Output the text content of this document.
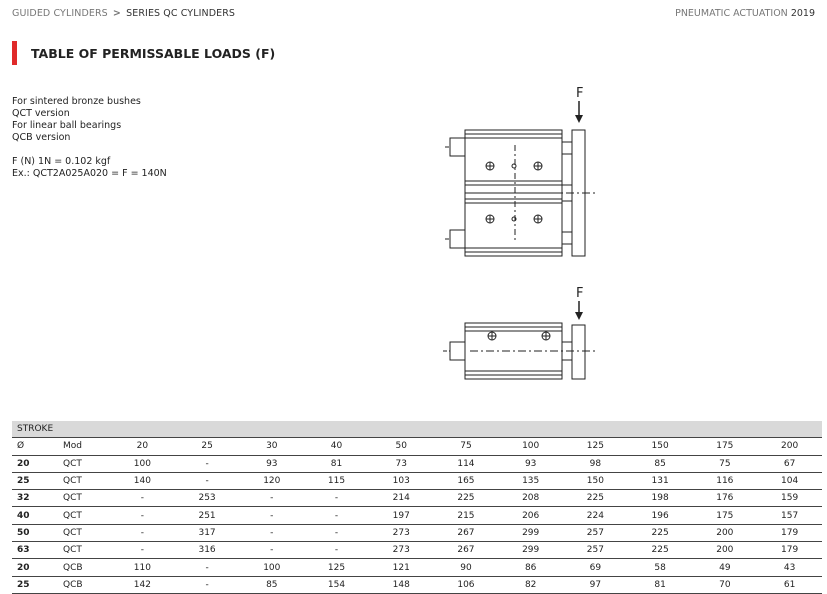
GUIDED CYLINDERS > SERIES QC CYLINDERS	PNEUMATIC ACTUATION 2019
TABLE OF PERMISSABLE LOADS (F)
For sintered bronze bushes
QCT version
For linear ball bearings
QCB version
F (N) 1N = 0.102 kgf
Ex.: QCT2A025A020 = F = 140N
F
F
STROKE												
Ø	Mod	20	25	30	40	50	75	100	125	150	175	200
20	QCT	100	-	93	81	73	114	93	98	85	75	67
25	QCT	140	-	120	115	103	165	135	150	131	116	104
32	QCT	-	253	-	-	214	225	208	225	198	176	159
40	QCT	-	251	-	-	197	215	206	224	196	175	157
50	QCT	-	317	-	-	273	267	299	257	225	200	179
63	QCT	-	316	-	-	273	267	299	257	225	200	179
20	QCB	110	-	100	125	121	90	86	69	58	49	43
25	QCB	142	-	85	154	148	106	82	97	81	70	61
